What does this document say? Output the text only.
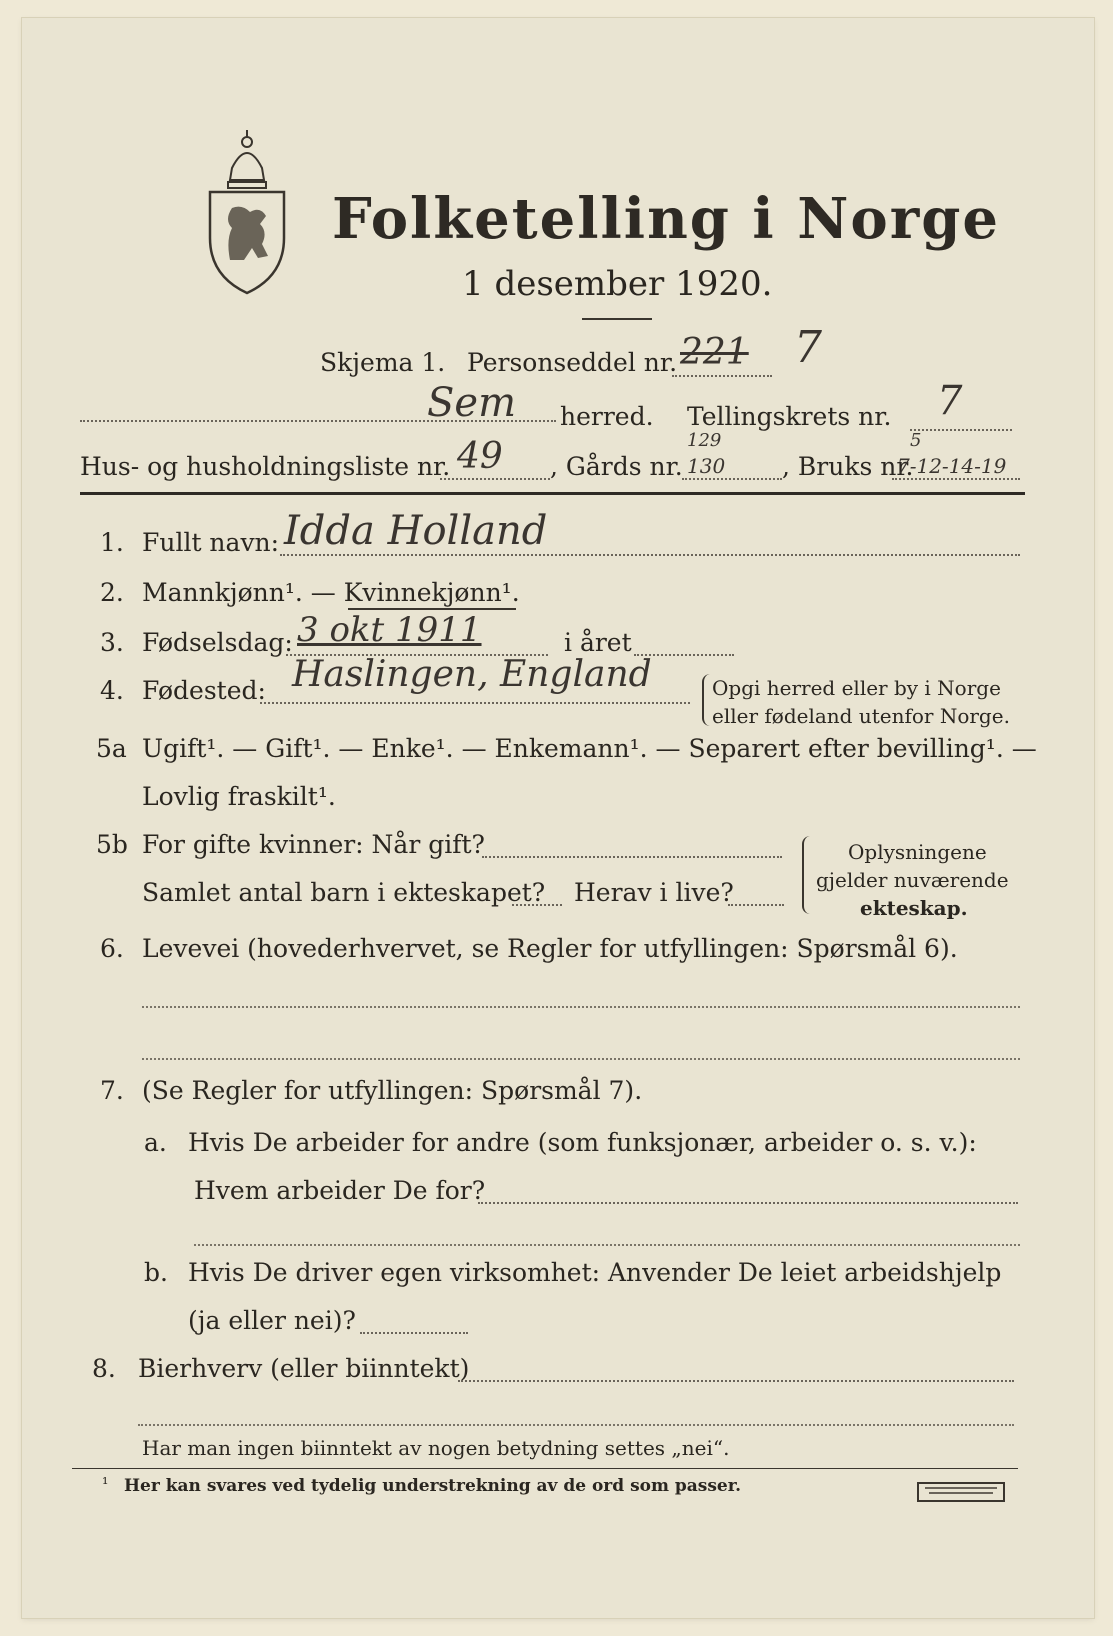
Folketelling i Norge
1 desember 1920.
Skjema 1. Personseddel nr. 221 7
Sem herred. Tellingskrets nr. 7
Hus- og husholdningsliste nr. 49 , Gårds nr.
129
130 , Bruks nr.
5
7-12-14-19
1. Fullt navn: Idda Holland
2. Mannkjønn¹. — Kvinnekjønn¹.
3. Fødselsdag: 3 okt 1911	i året
4. Fødested: Haslingen, England	Opgi herred eller by i Norge
eller fødeland utenfor Norge.
5a Ugift¹. — Gift¹. — Enke¹. — Enkemann¹. — Separert efter bevilling¹. —
Lovlig fraskilt¹.
5b For gifte kvinner: Når gift?
Samlet antal barn i ekteskapet? Herav i live?
Oplysningene
gjelder nuværende
ekteskap.
6. Levevei (hovederhvervet, se Regler for utfyllingen: Spørsmål 6).
7. (Se Regler for utfyllingen: Spørsmål 7).
a. Hvis De arbeider for andre (som funksjonær, arbeider o. s. v.):
Hvem arbeider De for?
b. Hvis De driver egen virksomhet: Anvender De leiet arbeidshjelp
(ja eller nei)?
8. Bierhverv (eller biinntekt)
Har man ingen biinntekt av nogen betydning settes „nei“.
¹ Her kan svares ved tydelig understrekning av de ord som passer.
